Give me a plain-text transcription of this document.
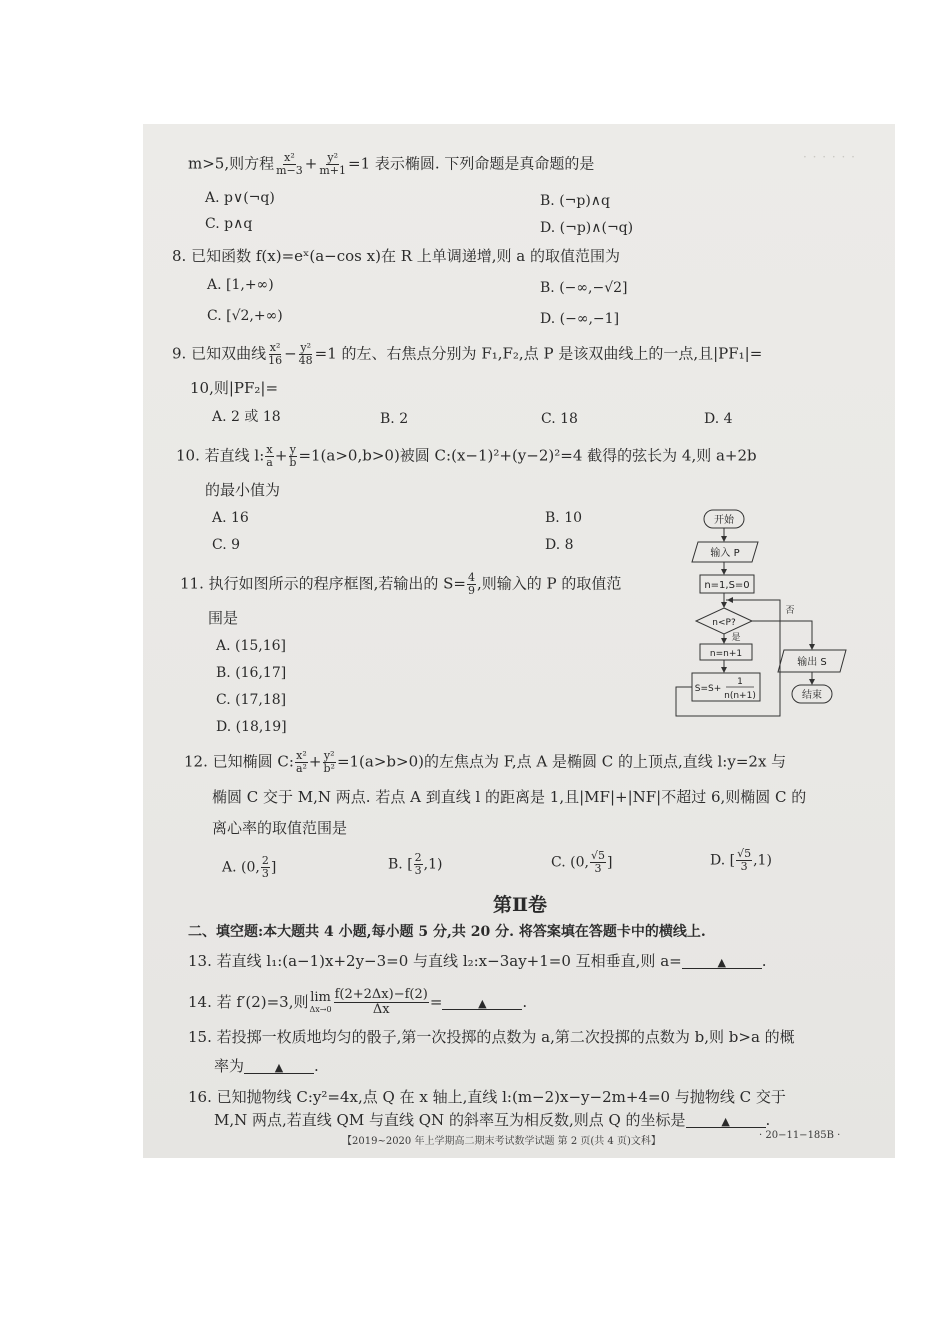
· · · · · ·
m>5,则方程 $\frac{\text{x²}}{m-3} + \frac{\text{y²}}{m+1} =1$ 表示椭圆. 下列命题是真命题的是
A. p∨(¬q)	B. (¬p)∧q
C. p∧q	D. (¬p)∧(¬q)
8. 已知函数 f(x)=eˣ(a−cos x)在 R 上单调递增,则 a 的取值范围为
A. [1,+∞)	B. (−∞,−√2]
C. [√2,+∞)	D. (−∞,−1]
9. 已知双曲线 $\frac{\text{x²}}{16} - \frac{\text{y²}}{48} =1$ 的左、右焦点分别为 F₁,F₂,点 P 是该双曲线上的一点,且|PF₁|=
10,则|PF₂|=
A. 2 或 18	B. 2	C. 18	D. 4
10. 若直线 l: $\frac{x}{a} + \frac{y}{b} =1(a>0,b>0)$被圆 C:(x−1)²+(y−2)²=4 截得的弦长为 4,则 a+2b
的最小值为
A. 16	B. 10
C. 9	D. 8
11. 执行如图所示的程序框图,若输出的 $S= \frac{4}{9}$ ,则输入的 P 的取值范
围是
A. (15,16]
B. (16,17]
C. (17,18]
D. (18,19]
开始
输入 P
n=1,S=0
n<P?
是
否
n=n+1
S=S+
1
n(n+1)
输出 S
结束
12. 已知椭圆 C: $\frac{\text{x²}}{\text{a²}} + \frac{\text{y²}}{\text{b²}} =1(a>b>0)$的左焦点为 F,点 A 是椭圆 C 的上顶点,直线 l:y=2x 与
椭圆 C 交于 M,N 两点. 若点 A 到直线 l 的距离是 1,且|MF|+|NF|不超过 6,则椭圆 C 的
离心率的取值范围是
A. (0, $\frac{2}{3}$ ]	B. [ $\frac{2}{3} ,1$)	C. (0, $\frac{√5}{3}$ ]	D. [ $\frac{√5}{3} ,1$)
第Ⅱ卷
二、填空题:本大题共 4 小题,每小题 5 分,共 20 分. 将答案填在答题卡中的横线上.
13. 若直线 l₁:(a−1)x+2y−3=0 与直线 l₂:x−3ay+1=0 互相垂直,则 a=	▲ .
14. 若 f′(2)=3,则 lim
$\Delta x\to 0 \frac{f(2+2\Delta x)-f(2)}{\Delta x}$ =	▲ .
15. 若投掷一枚质地均匀的骰子,第一次投掷的点数为 a,第二次投掷的点数为 b,则 b>a 的概
率为	▲ .
16. 已知抛物线 C:y²=4x,点 Q 在 x 轴上,直线 l:(m−2)x−y−2m+4=0 与抛物线 C 交于
M,N 两点,若直线 QM 与直线 QN 的斜率互为相反数,则点 Q 的坐标是	▲ .
【2019~2020 年上学期高二期末考试数学试题 第 2 页(共 4 页)文科】
· 20−11−185B ·
